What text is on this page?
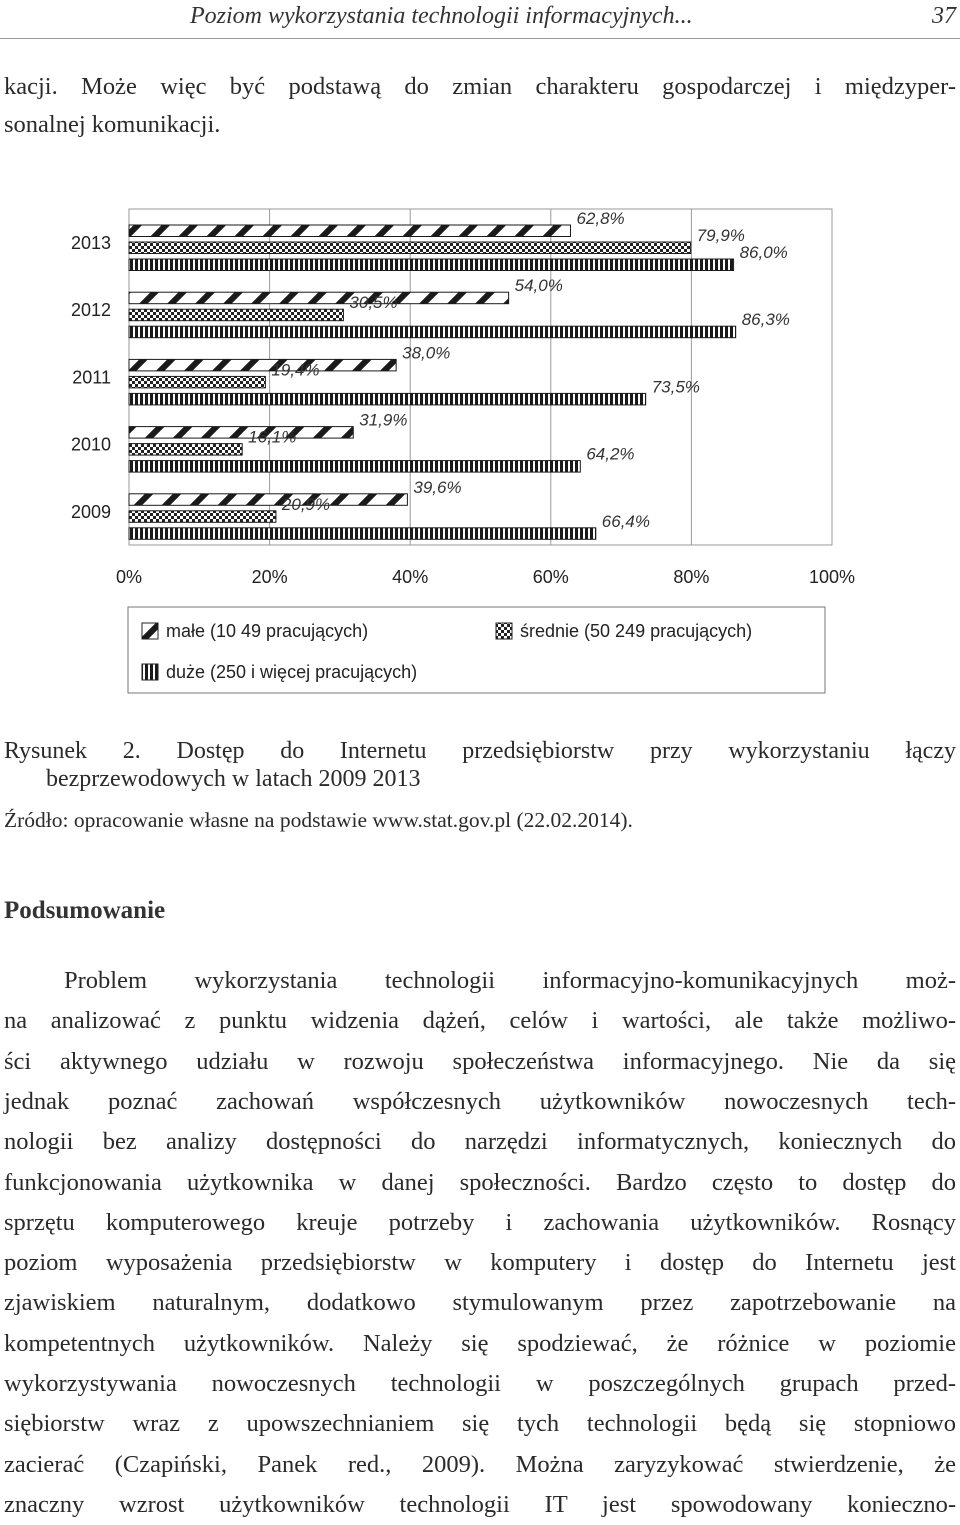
Poziom wykorzystania technologii informacyjnych...	37
kacji. Może więc być podstawą do zmian charakteru gospodarczej i międzyper-
sonalnej komunikacji.
62,8%
79,9%
86,0%
54,0%
30,5%
86,3%
38,0%
19,4%
73,5%
31,9%
16,1%
64,2%
39,6%
20,9%
66,4%
2013
2012
2011
2010
2009
0%	20%	40%	60%	80%	100%
małe (10 49 pracujących)	średnie (50 249 pracujących)
duże (250 i więcej pracujących)
Rysunek 2. Dostęp do Internetu przedsiębiorstw przy wykorzystaniu łączy
bezprzewodowych w latach 2009 2013
Źródło: opracowanie własne na podstawie www.stat.gov.pl (22.02.2014).
Podsumowanie
Problem wykorzystania technologii informacyjno-komunikacyjnych moż-
na analizować z punktu widzenia dążeń, celów i wartości, ale także możliwo-
ści aktywnego udziału w rozwoju społeczeństwa informacyjnego. Nie da się
jednak poznać zachowań współczesnych użytkowników nowoczesnych tech-
nologii bez analizy dostępności do narzędzi informatycznych, koniecznych do
funkcjonowania użytkownika w danej społeczności. Bardzo często to dostęp do
sprzętu komputerowego kreuje potrzeby i zachowania użytkowników. Rosnący
poziom wyposażenia przedsiębiorstw w komputery i dostęp do Internetu jest
zjawiskiem naturalnym, dodatkowo stymulowanym przez zapotrzebowanie na
kompetentnych użytkowników. Należy się spodziewać, że różnice w poziomie
wykorzystywania nowoczesnych technologii w poszczególnych grupach przed-
siębiorstw wraz z upowszechnianiem się tych technologii będą się stopniowo
zacierać (Czapiński, Panek red., 2009). Można zaryzykować stwierdzenie, że
znaczny wzrost użytkowników technologii IT jest spowodowany konieczno-
